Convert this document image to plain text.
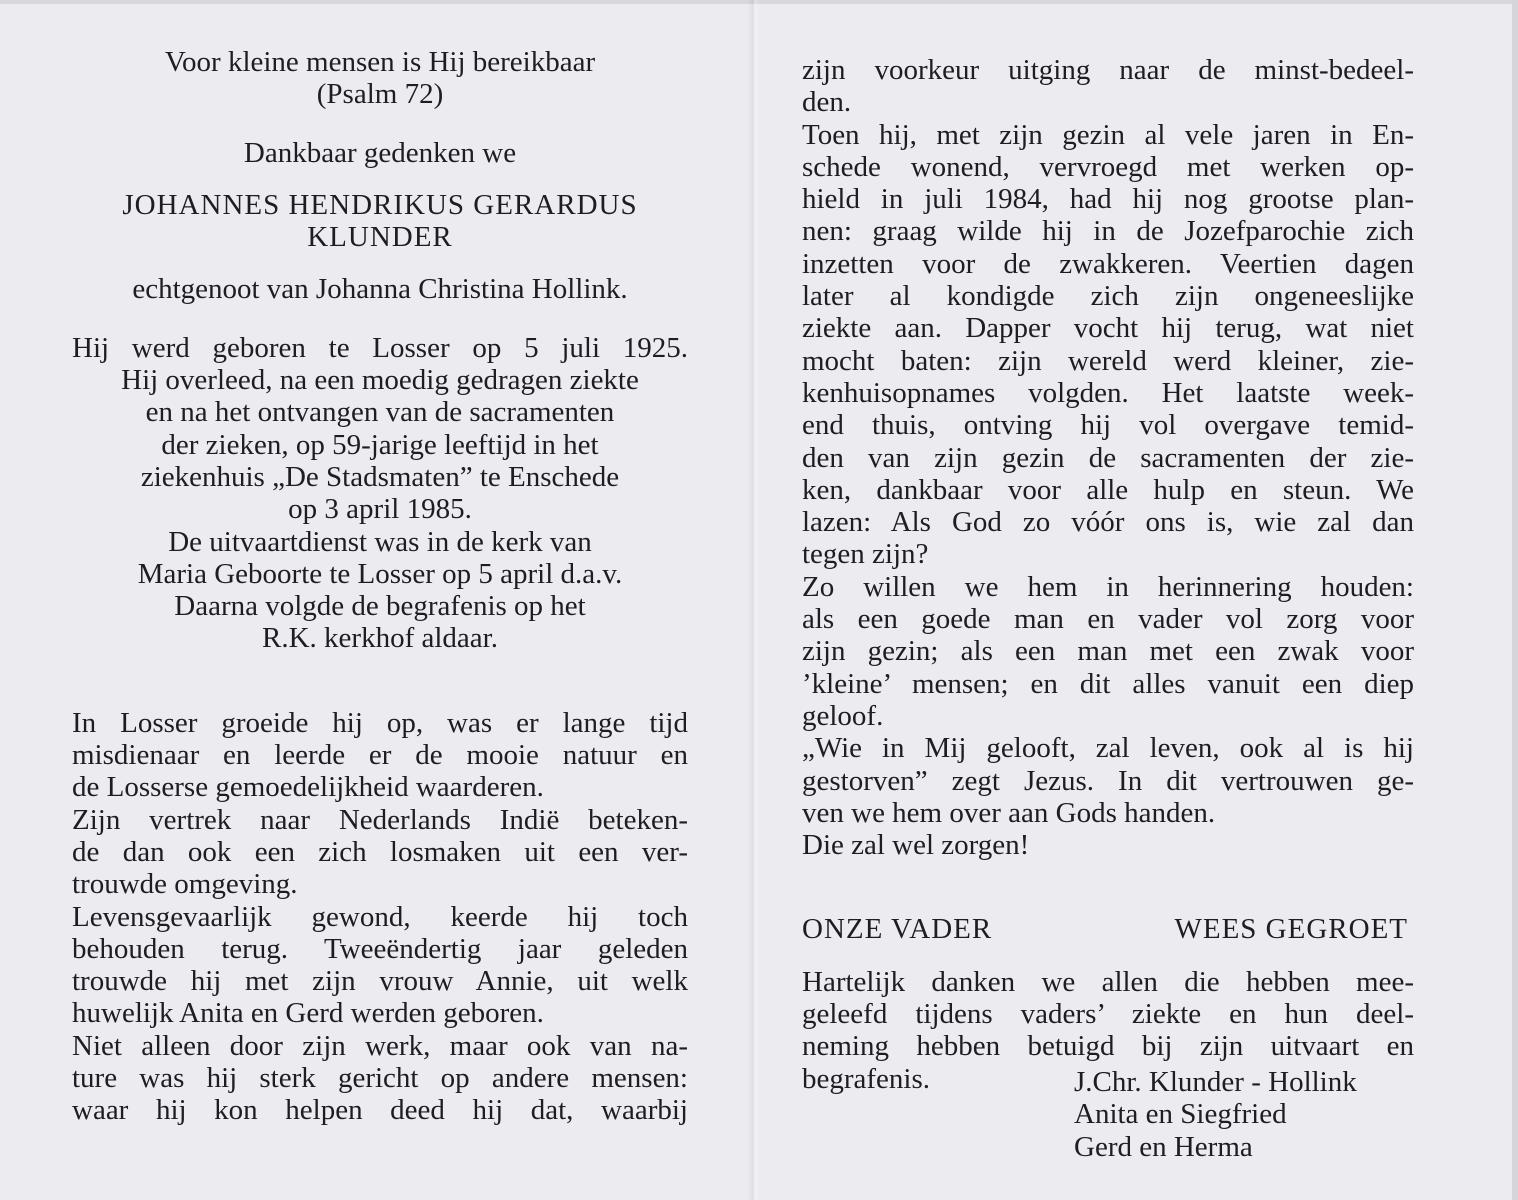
Voor kleine mensen is Hij bereikbaar
(Psalm 72)
Dankbaar gedenken we
JOHANNES HENDRIKUS GERARDUS
KLUNDER
echtgenoot van Johanna Christina Hollink.
Hij werd geboren te Losser op 5 juli 1925.
Hij overleed, na een moedig gedragen ziekte
en na het ontvangen van de sacramenten
der zieken, op 59-jarige leeftijd in het
ziekenhuis „De Stadsmaten” te Enschede
op 3 april 1985.
De uitvaartdienst was in de kerk van
Maria Geboorte te Losser op 5 april d.a.v.
Daarna volgde de begrafenis op het
R.K. kerkhof aldaar.
In Losser groeide hij op, was er lange tijd
misdienaar en leerde er de mooie natuur en
de Losserse gemoedelijkheid waarderen.
Zijn vertrek naar Nederlands Indië beteken-
de dan ook een zich losmaken uit een ver-
trouwde omgeving.
Levensgevaarlijk gewond, keerde hij toch
behouden terug. Tweeëndertig jaar geleden
trouwde hij met zijn vrouw Annie, uit welk
huwelijk Anita en Gerd werden geboren.
Niet alleen door zijn werk, maar ook van na-
ture was hij sterk gericht op andere mensen:
waar hij kon helpen deed hij dat, waarbij
zijn voorkeur uitging naar de minst-bedeel-
den.
Toen hij, met zijn gezin al vele jaren in En-
schede wonend, vervroegd met werken op-
hield in juli 1984, had hij nog grootse plan-
nen: graag wilde hij in de Jozefparochie zich
inzetten voor de zwakkeren. Veertien dagen
later al kondigde zich zijn ongeneeslijke
ziekte aan. Dapper vocht hij terug, wat niet
mocht baten: zijn wereld werd kleiner, zie-
kenhuisopnames volgden. Het laatste week-
end thuis, ontving hij vol overgave temid-
den van zijn gezin de sacramenten der zie-
ken, dankbaar voor alle hulp en steun. We
lazen: Als God zo vóór ons is, wie zal dan
tegen zijn?
Zo willen we hem in herinnering houden:
als een goede man en vader vol zorg voor
zijn gezin; als een man met een zwak voor
’kleine’ mensen; en dit alles vanuit een diep
geloof.
„Wie in Mij gelooft, zal leven, ook al is hij
gestorven” zegt Jezus. In dit vertrouwen ge-
ven we hem over aan Gods handen.
Die zal wel zorgen!
ONZE VADER	WEES GEGROET
Hartelijk danken we allen die hebben mee-
geleefd tijdens vaders’ ziekte en hun deel-
neming hebben betuigd bij zijn uitvaart en
begrafenis.	J.Chr. Klunder - Hollink
Anita en Siegfried
Gerd en Herma
